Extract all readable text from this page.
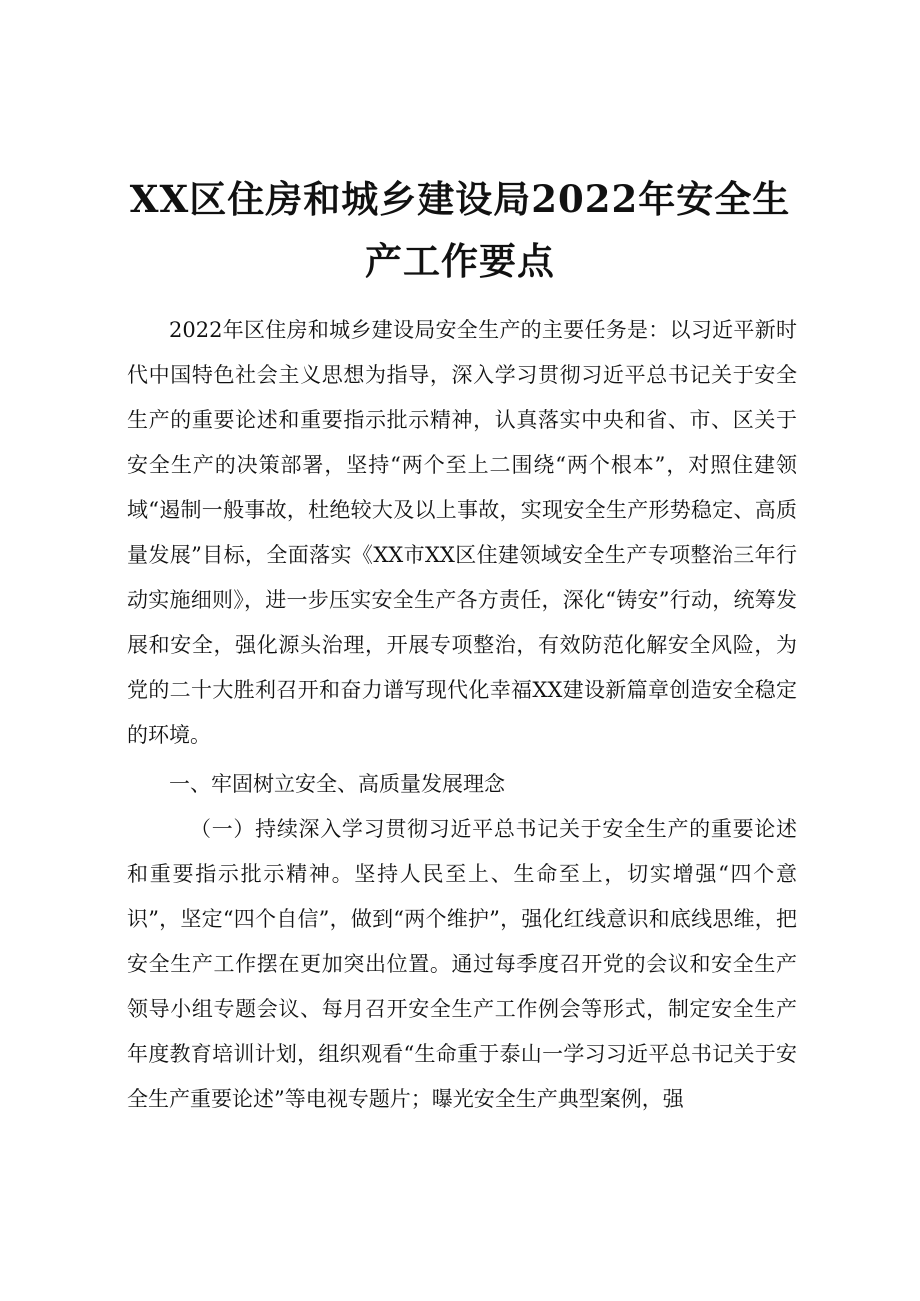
XX区住房和城乡建设局2022年安全生
产工作要点

2022年区住房和城乡建设局安全生产的主要任务是：以习近平新时代中国特色社会主义思想为指导，深入学习贯彻习近平总书记关于安全生产的重要论述和重要指示批示精神，认真落实中央和省、市、区关于安全生产的决策部署，坚持“两个至上二围绕“两个根本”，对照住建领域“遏制一般事故，杜绝较大及以上事故，实现安全生产形势稳定、高质量发展”目标，全面落实《XX市XX区住建领域安全生产专项整治三年行动实施细则》，进一步压实安全生产各方责任，深化“铸安”行动，统筹发展和安全，强化源头治理，开展专项整治，有效防范化解安全风险，为党的二十大胜利召开和奋力谱写现代化幸福XX建设新篇章创造安全稳定的环境。

一、牢固树立安全、高质量发展理念

（一）持续深入学习贯彻习近平总书记关于安全生产的重要论述和重要指示批示精神。坚持人民至上、生命至上，切实增强“四个意识”，坚定“四个自信”，做到“两个维护”，强化红线意识和底线思维，把安全生产工作摆在更加突出位置。通过每季度召开党的会议和安全生产领导小组专题会议、每月召开安全生产工作例会等形式，制定安全生产年度教育培训计划，组织观看“生命重于泰山一学习习近平总书记关于安全生产重要论述”等电视专题片；曝光安全生产典型案例，强
